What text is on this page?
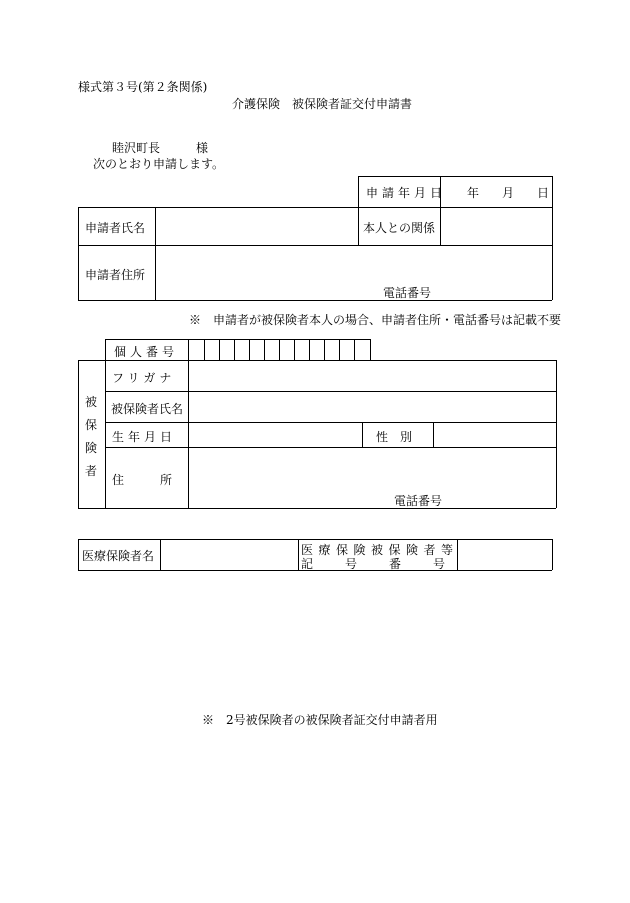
様式第３号(第２条関係)
介護保険　被保険者証交付申請書
睦沢町長　　　様
次のとおり申請します。
申請年月日 年 月 日
申請者氏名	本人との関係
申請者住所
電話番号
※　申請者が被保険者本人の場合、申請者住所・電話番号は記載不要
被
保
険
者
個人番号
フリガナ
被保険者氏名
生年月日	性　別
住　　　所
電話番号
医療保険者名	医療保険被保険者等
記　号　番　号
※　2号被保険者の被保険者証交付申請者用
